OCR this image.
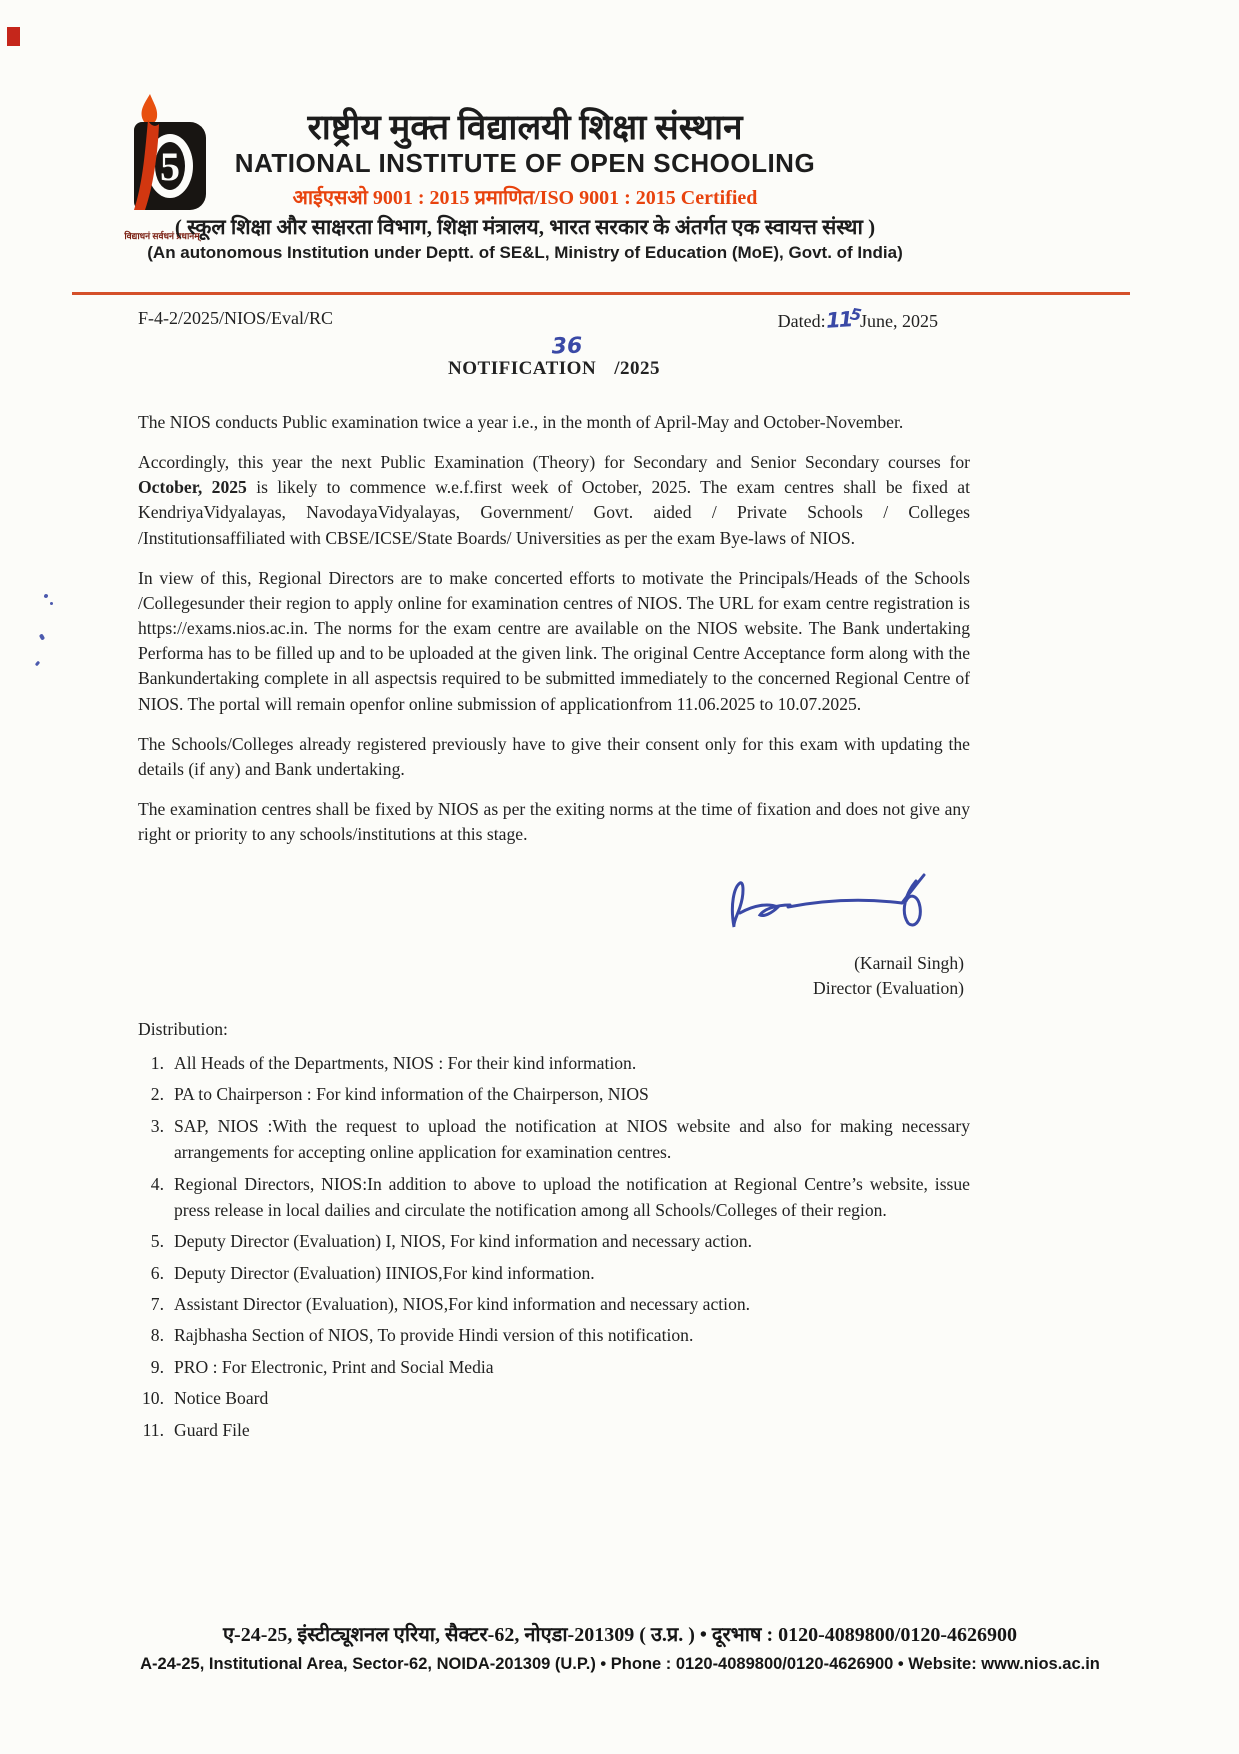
5
विद्याधनं सर्वधनं प्रधानम्
राष्ट्रीय मुक्त विद्यालयी शिक्षा संस्थान
NATIONAL INSTITUTE OF OPEN SCHOOLING
आईएसओ 9001 : 2015 प्रमाणित/ISO 9001 : 2015 Certified
( स्कूल शिक्षा और साक्षरता विभाग, शिक्षा मंत्रालय, भारत सरकार के अंतर्गत एक स्वायत्त संस्था )
(An autonomous Institution under Deptt. of SE&L, Ministry of Education (MoE), Govt. of India)
F-4-2/2025/NIOS/Eval/RC	Dated:115June, 2025
36
NOTIFICATION /2025

The NIOS conducts Public examination twice a year i.e., in the month of April-May and October-November.

Accordingly, this year the next Public Examination (Theory) for Secondary and Senior Secondary courses for October, 2025 is likely to commence w.e.f.first week of October, 2025. The exam centres shall be fixed at KendriyaVidyalayas, NavodayaVidyalayas, Government/ Govt. aided / Private Schools / Colleges /Institutionsaffiliated with CBSE/ICSE/State Boards/ Universities as per the exam Bye-laws of NIOS.

In view of this, Regional Directors are to make concerted efforts to motivate the Principals/Heads of the Schools /Collegesunder their region to apply online for examination centres of NIOS. The URL for exam centre registration is https://exams.nios.ac.in. The norms for the exam centre are available on the NIOS website. The Bank undertaking Performa has to be filled up and to be uploaded at the given link. The original Centre Acceptance form along with the Bankundertaking complete in all aspectsis required to be submitted immediately to the concerned Regional Centre of NIOS. The portal will remain openfor online submission of applicationfrom 11.06.2025 to 10.07.2025.

The Schools/Colleges already registered previously have to give their consent only for this exam with updating the details (if any) and Bank undertaking.

The examination centres shall be fixed by NIOS as per the exiting norms at the time of fixation and does not give any right or priority to any schools/institutions at this stage.

(Karnail Singh)
Director (Evaluation)
Distribution:
1. All Heads of the Departments, NIOS : For their kind information.
2. PA to Chairperson : For kind information of the Chairperson, NIOS
3. SAP, NIOS :With the request to upload the notification at NIOS website and also for making necessary arrangements for accepting online application for examination centres.
4. Regional Directors, NIOS:In addition to above to upload the notification at Regional Centre’s website, issue press release in local dailies and circulate the notification among all Schools/Colleges of their region.
5. Deputy Director (Evaluation) I, NIOS, For kind information and necessary action.
6. Deputy Director (Evaluation) IINIOS,For kind information.
7. Assistant Director (Evaluation), NIOS,For kind information and necessary action.
8. Rajbhasha Section of NIOS, To provide Hindi version of this notification.
9. PRO : For Electronic, Print and Social Media
10. Notice Board
11. Guard File
ए-24-25, इंस्टीट्यूशनल एरिया, सैक्टर-62, नोएडा-201309 ( उ.प्र. ) • दूरभाष : 0120-4089800/0120-4626900
A-24-25, Institutional Area, Sector-62, NOIDA-201309 (U.P.) • Phone : 0120-4089800/0120-4626900 • Website: www.nios.ac.in
